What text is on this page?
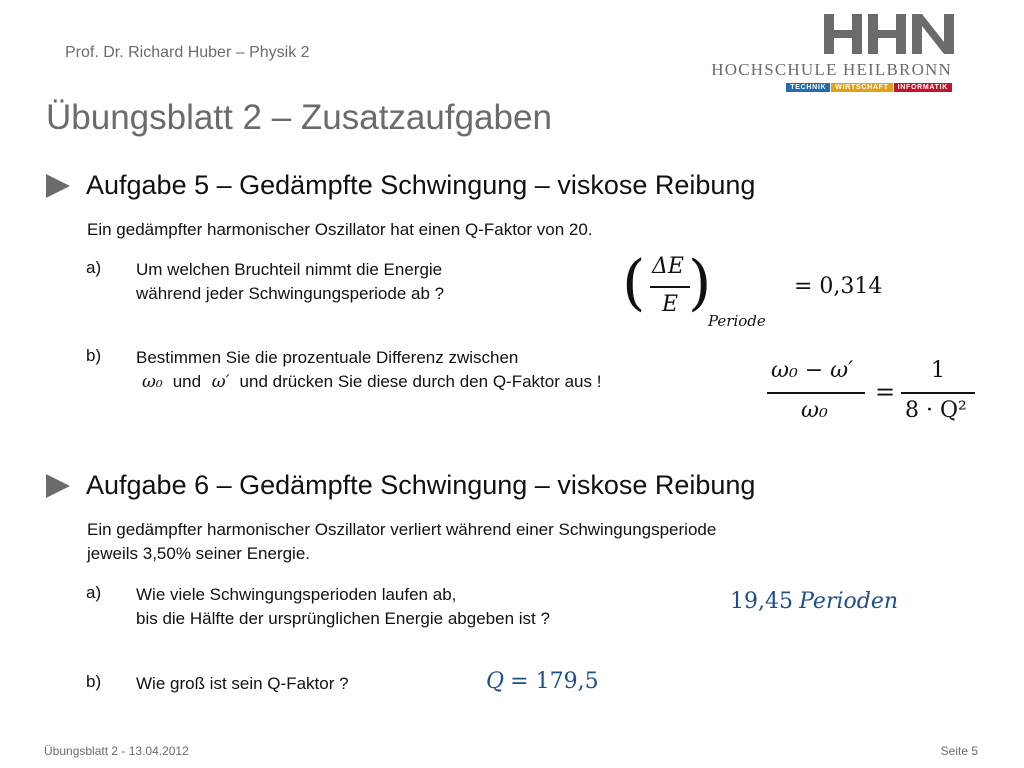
Prof. Dr. Richard Huber – Physik 2
Übungsblatt 2 – Zusatzaufgaben
HOCHSCHULE HEILBRONN
TECHNIK	WIRTSCHAFT	INFORMATIK
Aufgabe 5 – Gedämpfte Schwingung – viskose Reibung
Ein gedämpfter harmonischer Oszillator hat einen Q-Faktor von 20.
a) Um welchen Bruchteil nimmt die Energie
während jeder Schwingungsperiode ab ?	( ΔE
E )
Periode
= 0,314
b) Bestimmen Sie die prozentuale Differenz zwischen
ω₀ und ω′ und drücken Sie diese durch den Q-Faktor aus !	ω₀ − ω′
ω₀
=
1
8 · Q²
Aufgabe 6 – Gedämpfte Schwingung – viskose Reibung
Ein gedämpfter harmonischer Oszillator verliert während einer Schwingungsperiode
jeweils 3,50% seiner Energie.
a) Wie viele Schwingungsperioden laufen ab,
bis die Hälfte der ursprünglichen Energie abgeben ist ?
19,45 Perioden
b) Wie groß ist sein Q-Faktor ?	Q = 179,5
Übungsblatt 2 - 13.04.2012	Seite 5
